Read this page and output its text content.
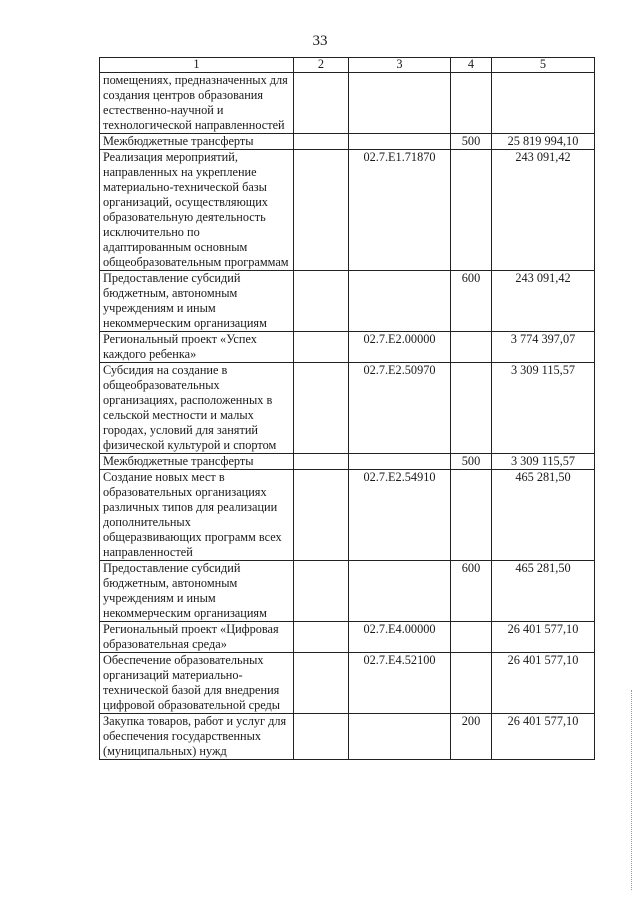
33
1	2	3	4	5
помещениях, предназначенных для создания центров образования естественно-научной и технологической направленностей				
Межбюджетные трансферты			500	25 819 994,10
Реализация мероприятий, направленных на укрепление материально-технической базы организаций, осуществляющих образовательную деятельность исключительно по адаптированным основным общеобразовательным программам		02.7.E1.71870		243 091,42
Предоставление субсидий бюджетным, автономным учреждениям и иным некоммерческим организациям			600	243 091,42
Региональный проект «Успех каждого ребенка»		02.7.E2.00000		3 774 397,07
Субсидия на создание в общеобразовательных организациях, расположенных в сельской местности и малых городах, условий для занятий физической культурой и спортом		02.7.E2.50970		3 309 115,57
Межбюджетные трансферты			500	3 309 115,57
Создание новых мест в образовательных организациях различных типов для реализации дополнительных общеразвивающих программ всех направленностей		02.7.E2.54910		465 281,50
Предоставление субсидий бюджетным, автономным учреждениям и иным некоммерческим организациям			600	465 281,50
Региональный проект «Цифровая образовательная среда»		02.7.E4.00000		26 401 577,10
Обеспечение образовательных организаций материально-технической базой для внедрения цифровой образовательной среды		02.7.E4.52100		26 401 577,10
Закупка товаров, работ и услуг для обеспечения государственных (муниципальных) нужд			200	26 401 577,10
